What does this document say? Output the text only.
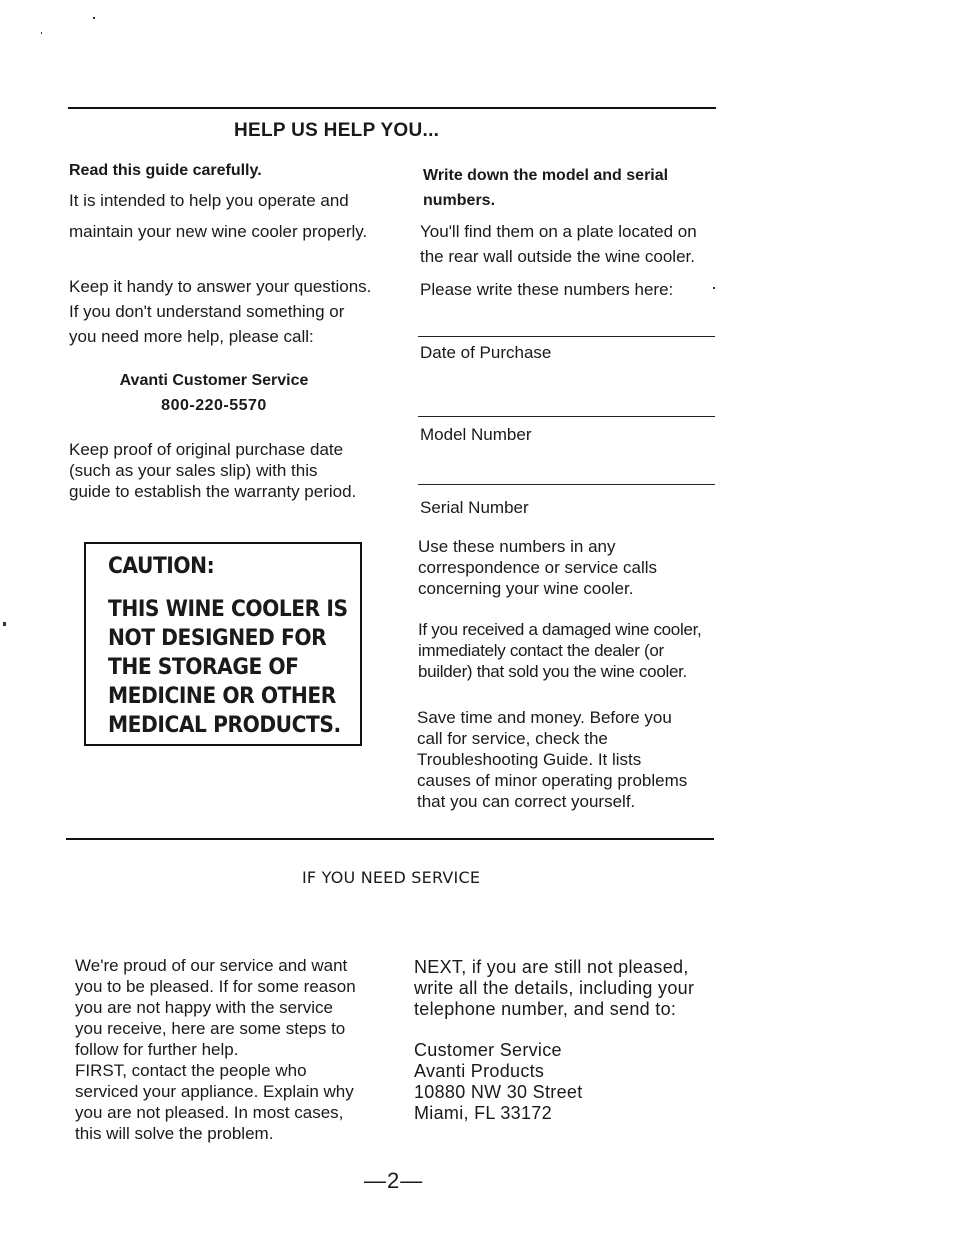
HELP US HELP YOU...
Read this guide carefully.
It is intended to help you operate and
maintain your new wine cooler properly.
Keep it handy to answer your questions.
If you don't understand something or
you need more help, please call:
Avanti Customer Service
800-220-5570
Keep proof of original purchase date
(such as your sales slip) with this
guide to establish the warranty period.
CAUTION:
THIS WINE COOLER IS
NOT DESIGNED FOR
THE STORAGE OF
MEDICINE OR OTHER
MEDICAL PRODUCTS.
Write down the model and serial
numbers.
You'll find them on a plate located on
the rear wall outside the wine cooler.
Please write these numbers here:
Date of Purchase
Model Number
Serial Number
Use these numbers in any
correspondence or service calls
concerning your wine cooler.
If you received a damaged wine cooler,
immediately contact the dealer (or
builder) that sold you the wine cooler.
Save time and money. Before you
call for service, check the
Troubleshooting Guide. It lists
causes of minor operating problems
that you can correct yourself.
IF YOU NEED SERVICE
We're proud of our service and want
you to be pleased. If for some reason
you are not happy with the service
you receive, here are some steps to
follow for further help.
FIRST, contact the people who
serviced your appliance. Explain why
you are not pleased. In most cases,
this will solve the problem.
NEXT, if you are still not pleased,
write all the details, including your
telephone number, and send to:
Customer Service
Avanti Products
10880 NW 30 Street
Miami, FL 33172
—2—
